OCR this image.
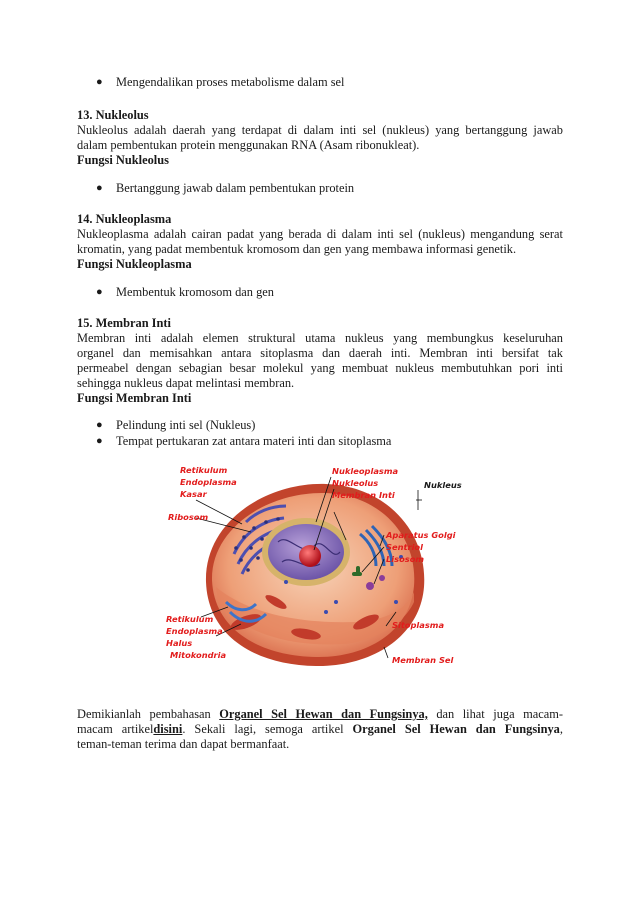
●	Mengendalikan proses metabolisme dalam sel

13. Nukleolus

Nukleolus adalah daerah yang terdapat di dalam inti sel (nukleus) yang bertanggung jawab

dalam pembentukan protein menggunakan RNA (Asam ribonukleat).

Fungsi Nukleolus

●	Bertanggung jawab dalam pembentukan protein

14. Nukleoplasma

Nukleoplasma adalah cairan padat yang berada di dalam inti sel (nukleus) mengandung serat

kromatin, yang padat membentuk kromosom dan gen yang membawa informasi genetik.

Fungsi Nukleoplasma

●	Membentuk kromosom dan gen

15. Membran Inti

Membran inti adalah elemen struktural utama nukleus yang membungkus keseluruhan

organel dan memisahkan antara sitoplasma dan daerah inti. Membran inti bersifat tak

permeabel dengan sebagian besar molekul yang membuat nukleus membutuhkan pori inti

sehingga nukleus dapat melintasi membran.

Fungsi Membran Inti

●	Pelindung inti sel (Nukleus)
●	Tempat pertukaran zat antara materi inti dan sitoplasma
Retikulum
Endoplasma
Kasar
Ribosom
Nukleoplasma
Nukleolus
Membran Inti
Nukleus
Aparatus Golgi
Sentriol
Lisosom
Retikulum
Endoplasma
Halus
Mitokondria
Sitoplasma
Membran Sel

Demikianlah pembahasan Organel Sel Hewan dan Fungsinya, dan lihat juga macam-

macam artikeldisini. Sekali lagi, semoga artikel Organel Sel Hewan dan Fungsinya,

teman-teman terima dan dapat bermanfaat.
